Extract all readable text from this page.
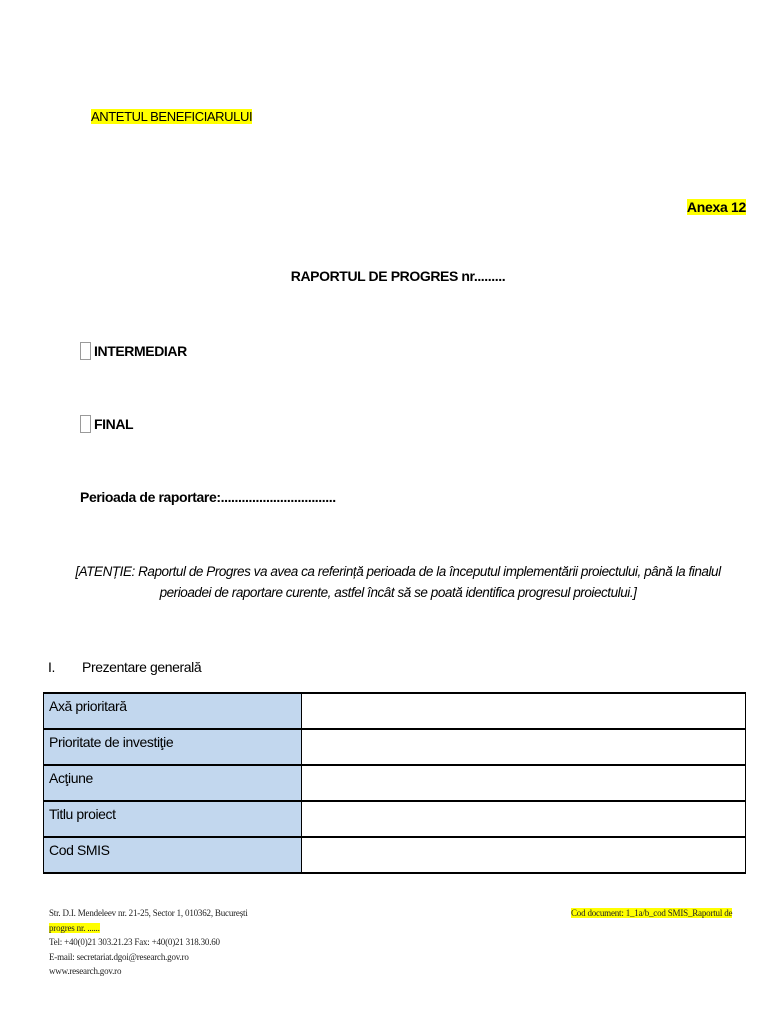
ANTETUL BENEFICIARULUI
Anexa 12
RAPORTUL DE PROGRES nr.........
INTERMEDIAR
FINAL
Perioada de raportare:.................................
[ATENȚIE: Raportul de Progres va avea ca referință perioada de la începutul implementării proiectului, până la finalul perioadei de raportare curente, astfel încât să se poată identifica progresul proiectului.]
I.	Prezentare generală
Axă prioritară	
Prioritate de investiţie	
Acţiune	
Titlu proiect	
Cod SMIS	
Str. D.I. Mendeleev nr. 21-25, Sector 1, 010362, București
progres nr. ......
Tel: +40(0)21 303.21.23 Fax: +40(0)21 318.30.60
E-mail: secretariat.dgoi@research.gov.ro
www.research.gov.ro
Cod document: 1_1a/b_cod SMIS_Raportul de
